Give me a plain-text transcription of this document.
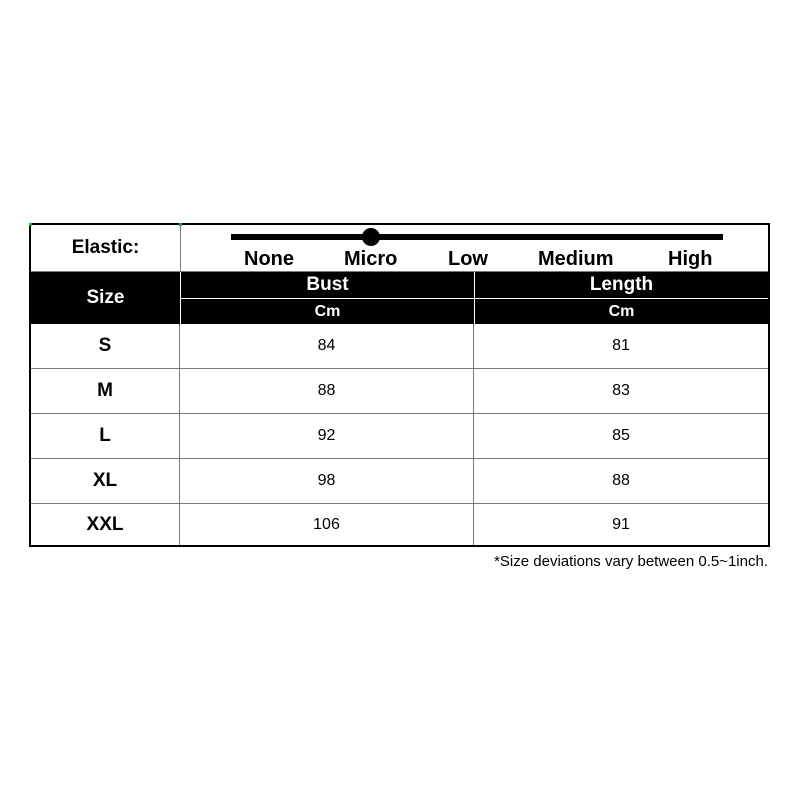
Elastic:
None	Micro	Low	Medium	High
Size
Bust
Cm
Length
Cm
S	84	81
M	88	83
L	92	85
XL	98	88
XXL	106	91
*Size deviations vary between 0.5~1inch.
